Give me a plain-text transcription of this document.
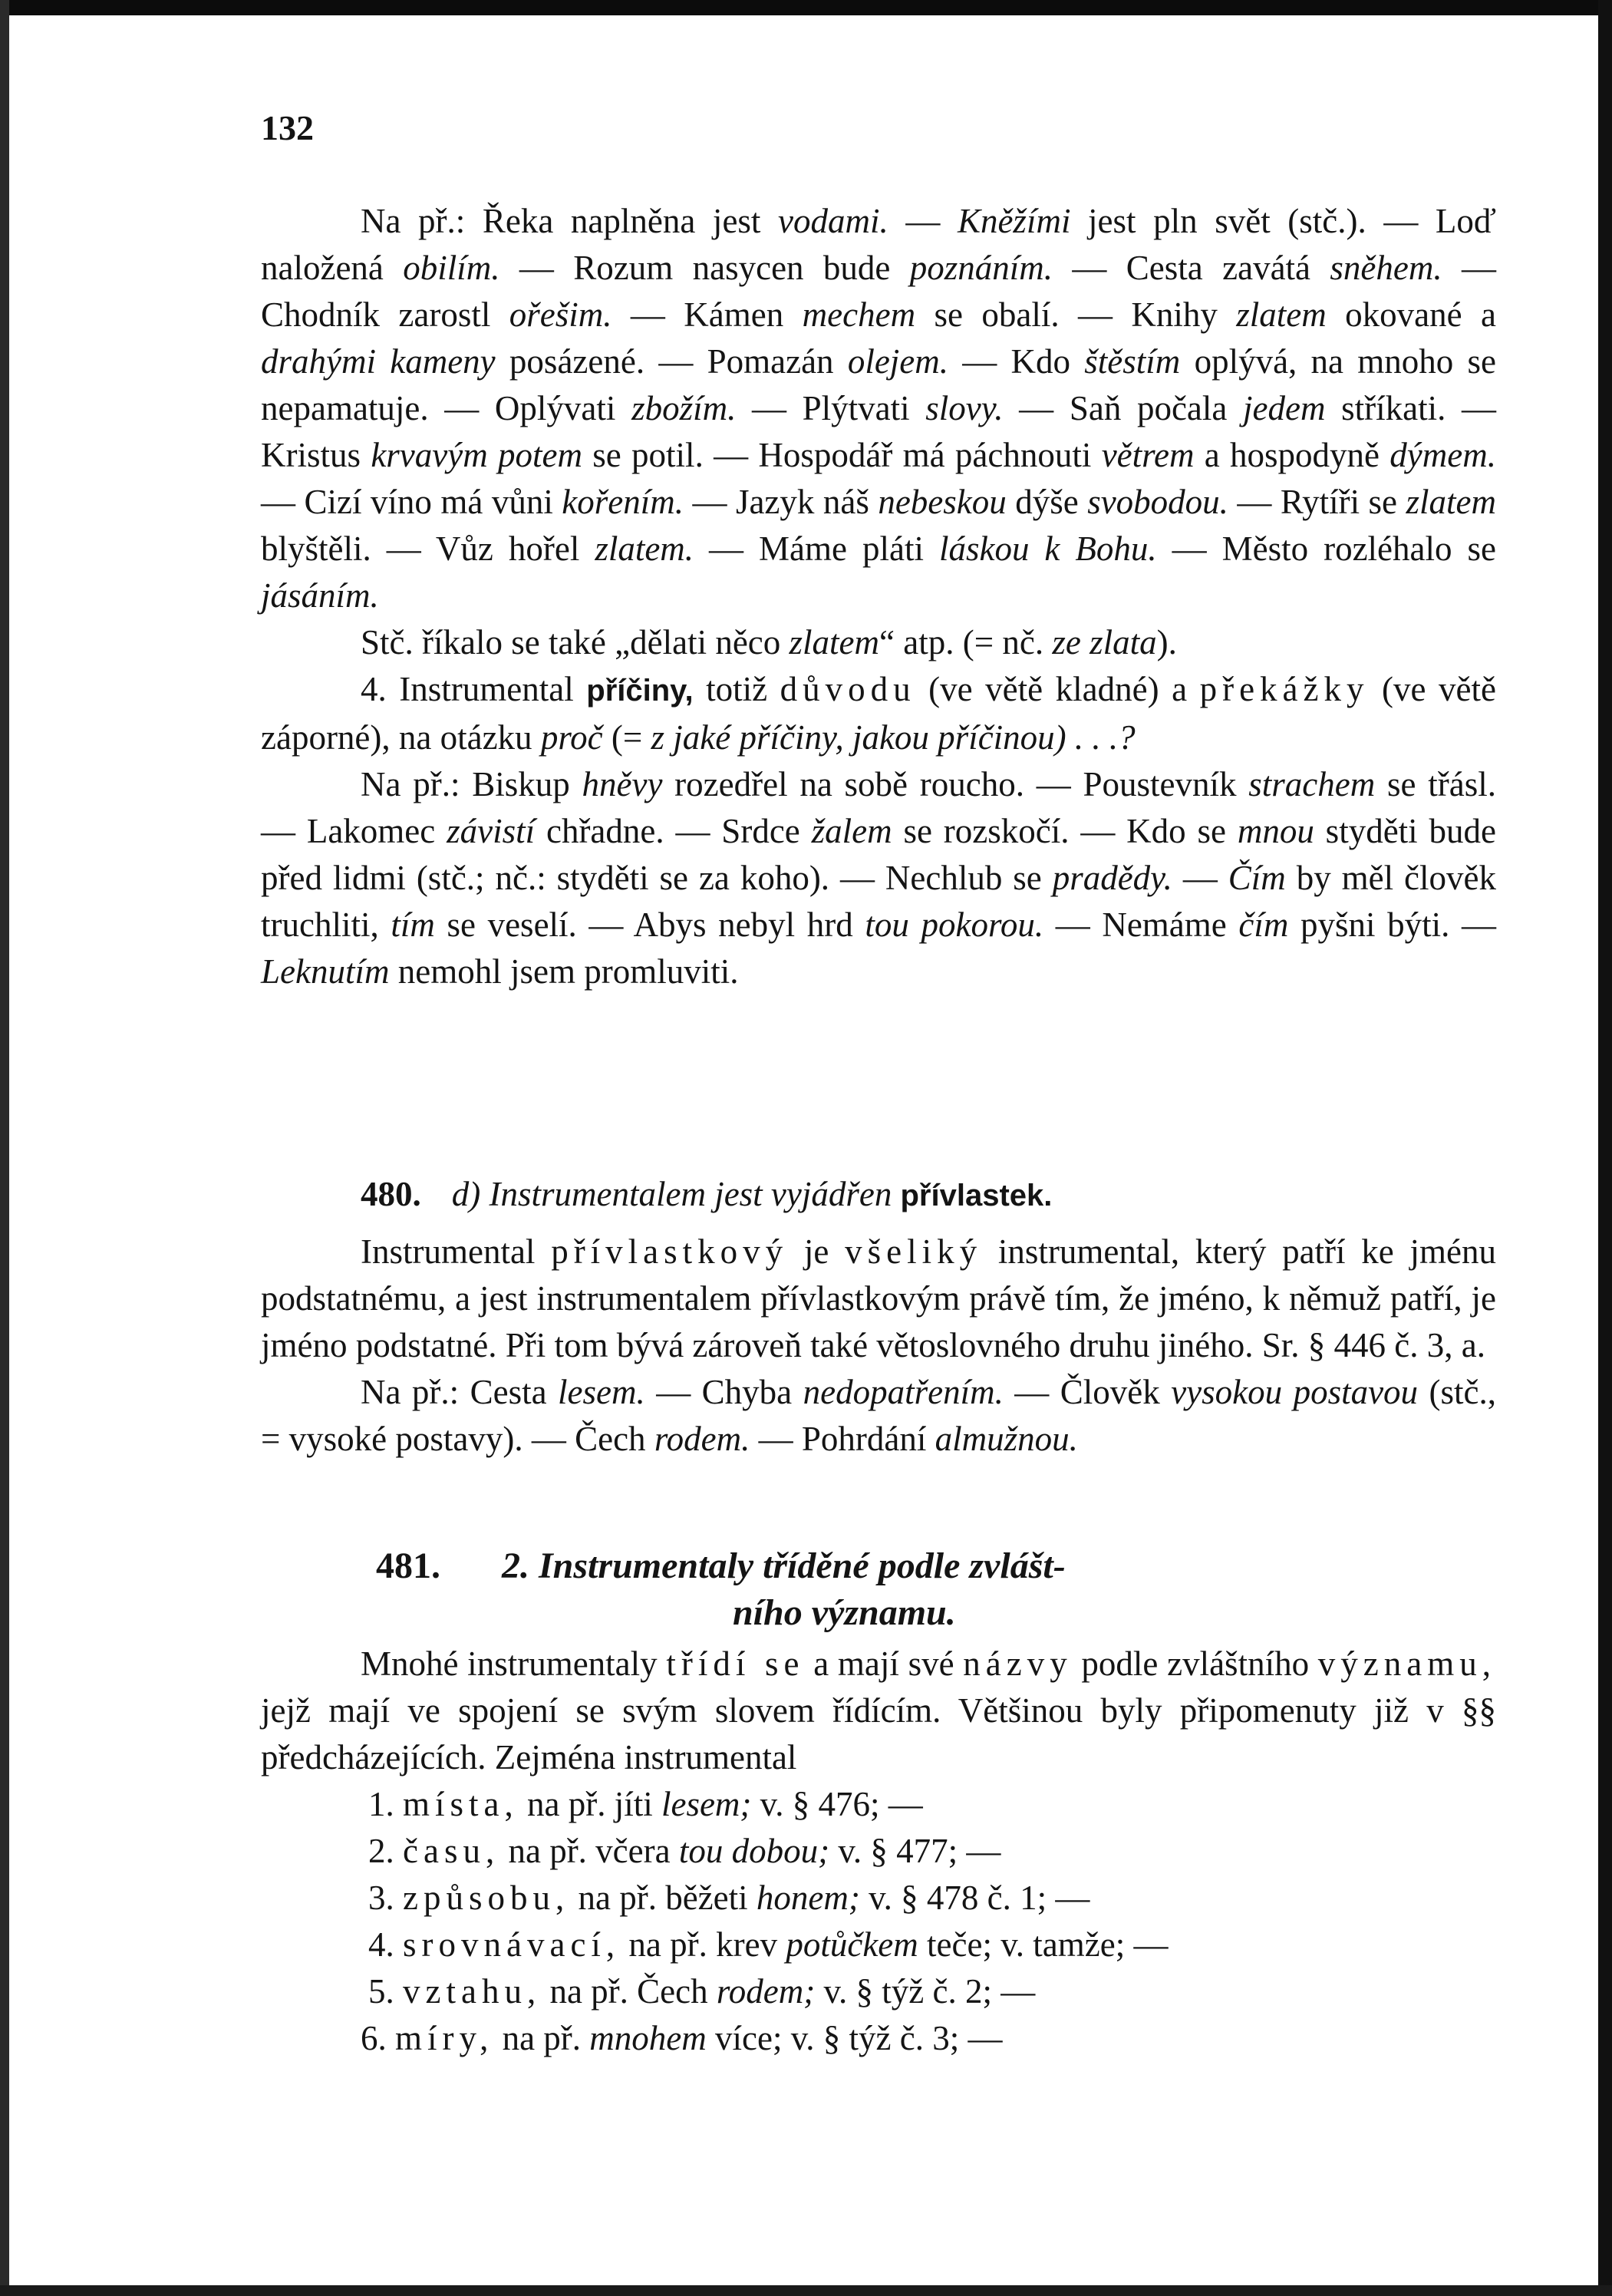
132

Na př.: Řeka naplněna jest vodami. — Kněžími jest pln svět (stč.). — Loď naložená obilím. — Rozum nasycen bude poznáním. — Cesta zavátá sněhem. — Chodník zarostl ořešim. — Kámen mechem se obalí. — Knihy zlatem okované a drahými kameny posázené. — Pomazán olejem. — Kdo štěstím oplývá, na mnoho se nepamatuje. — Oplývati zbožím. — Plýtvati slovy. — Saň počala jedem stříkati. — Kristus krvavým potem se potil. — Hospodář má páchnouti větrem a hospodyně dýmem. — Cizí víno má vůni kořením. — Jazyk náš nebeskou dýše svobodou. — Rytíři se zlatem blyštěli. — Vůz hořel zlatem. — Máme pláti láskou k Bohu. — Město rozléhalo se jásáním.

Stč. říkalo se také „dělati něco zlatem“ atp. (= nč. ze zlata).

4. Instrumental příčiny, totiž důvodu (ve větě kladné) a překážky (ve větě záporné), na otázku proč (= z jaké příčiny, jakou příčinou) . . .?

Na př.: Biskup hněvy rozedřel na sobě roucho. — Poustevník strachem se třásl. — Lakomec závistí chřadne. — Srdce žalem se rozskočí. — Kdo se mnou styděti bude před lidmi (stč.; nč.: styděti se za koho). — Nechlub se pradědy. — Čím by měl člověk truchliti, tím se veselí. — Abys nebyl hrd tou pokorou. — Nemáme čím pyšni býti. — Leknutím nemohl jsem promluviti.

480. d) Instrumentalem jest vyjádřen přívlastek.

Instrumental přívlastkový je všeliký instrumental, který patří ke jménu podstatnému, a jest instrumentalem přívlastkovým právě tím, že jméno, k němuž patří, je jméno podstatné. Při tom bývá zároveň také větoslovného druhu jiného. Sr. § 446 č. 3, a.

Na př.: Cesta lesem. — Chyba nedopatřením. — Člověk vysokou postavou (stč., = vysoké postavy). — Čech rodem. — Pohrdání almužnou.

481. 2. Instrumentaly tříděné podle zvlášt-
ního významu.

Mnohé instrumentaly třídí se a mají své názvy podle zvláštního významu, jejž mají ve spojení se svým slovem řídícím. Většinou byly připomenuty již v §§ předcházejících. Zejména instrumental

1. místa, na př. jíti lesem; v. § 476; —

2. času, na př. včera tou dobou; v. § 477; —

3. způsobu, na př. běžeti honem; v. § 478 č. 1; —

4. srovnávací, na př. krev potůčkem teče; v. tamže; —

5. vztahu, na př. Čech rodem; v. § týž č. 2; —

6. míry, na př. mnohem více; v. § týž č. 3; —
